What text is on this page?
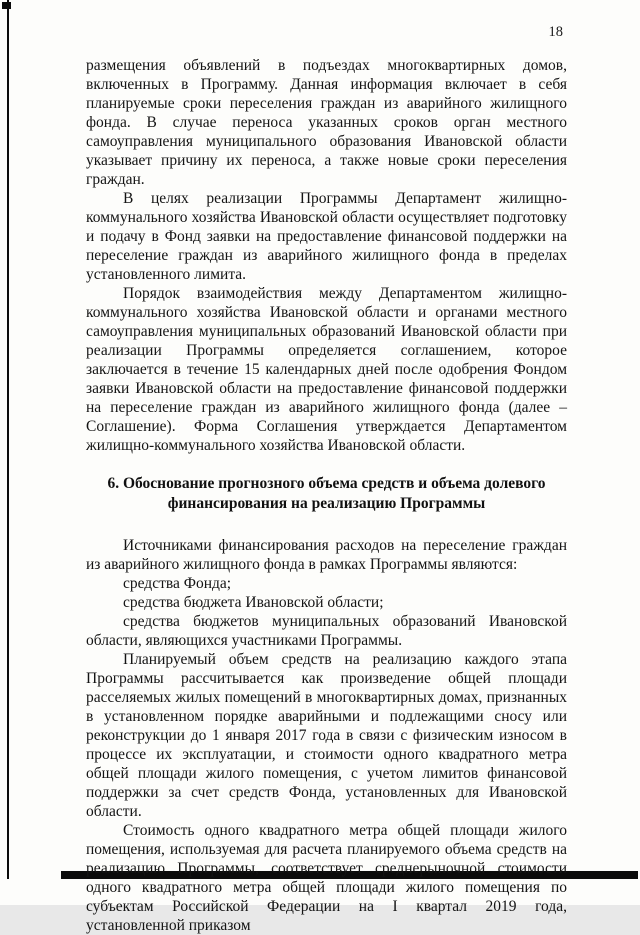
18

размещения объявлений в подъездах многоквартирных домов, включенных в Программу. Данная информация включает в себя планируемые сроки переселения граждан из аварийного жилищного фонда. В случае переноса указанных сроков орган местного самоуправления муниципального образования Ивановской области указывает причину их переноса, а также новые сроки переселения граждан.

В целях реализации Программы Департамент жилищно-коммунального хозяйства Ивановской области осуществляет подготовку и подачу в Фонд заявки на предоставление финансовой поддержки на переселение граждан из аварийного жилищного фонда в пределах установленного лимита.

Порядок взаимодействия между Департаментом жилищно-коммунального хозяйства Ивановской области и органами местного самоуправления муниципальных образований Ивановской области при реализации Программы определяется соглашением, которое заключается в течение 15 календарных дней после одобрения Фондом заявки Ивановской области на предоставление финансовой поддержки на переселение граждан из аварийного жилищного фонда (далее – Соглашение). Форма Соглашения утверждается Департаментом жилищно-коммунального хозяйства Ивановской области.

6. Обоснование прогнозного объема средств и объема долевого
финансирования на реализацию Программы

Источниками финансирования расходов на переселение граждан из аварийного жилищного фонда в рамках Программы являются:

средства Фонда;

средства бюджета Ивановской области;

средства бюджетов муниципальных образований Ивановской области, являющихся участниками Программы.

Планируемый объем средств на реализацию каждого этапа Программы рассчитывается как произведение общей площади расселяемых жилых помещений в многоквартирных домах, признанных в установленном порядке аварийными и подлежащими сносу или реконструкции до 1 января 2017 года в связи с физическим износом в процессе их эксплуатации, и стоимости одного квадратного метра общей площади жилого помещения, с учетом лимитов финансовой поддержки за счет средств Фонда, установленных для Ивановской области.

Стоимость одного квадратного метра общей площади жилого помещения, используемая для расчета планируемого объема средств на реализацию Программы, соответствует среднерыночной стоимости одного квадратного метра общей площади жилого помещения по субъектам Российской Федерации на I квартал 2019 года, установленной приказом
